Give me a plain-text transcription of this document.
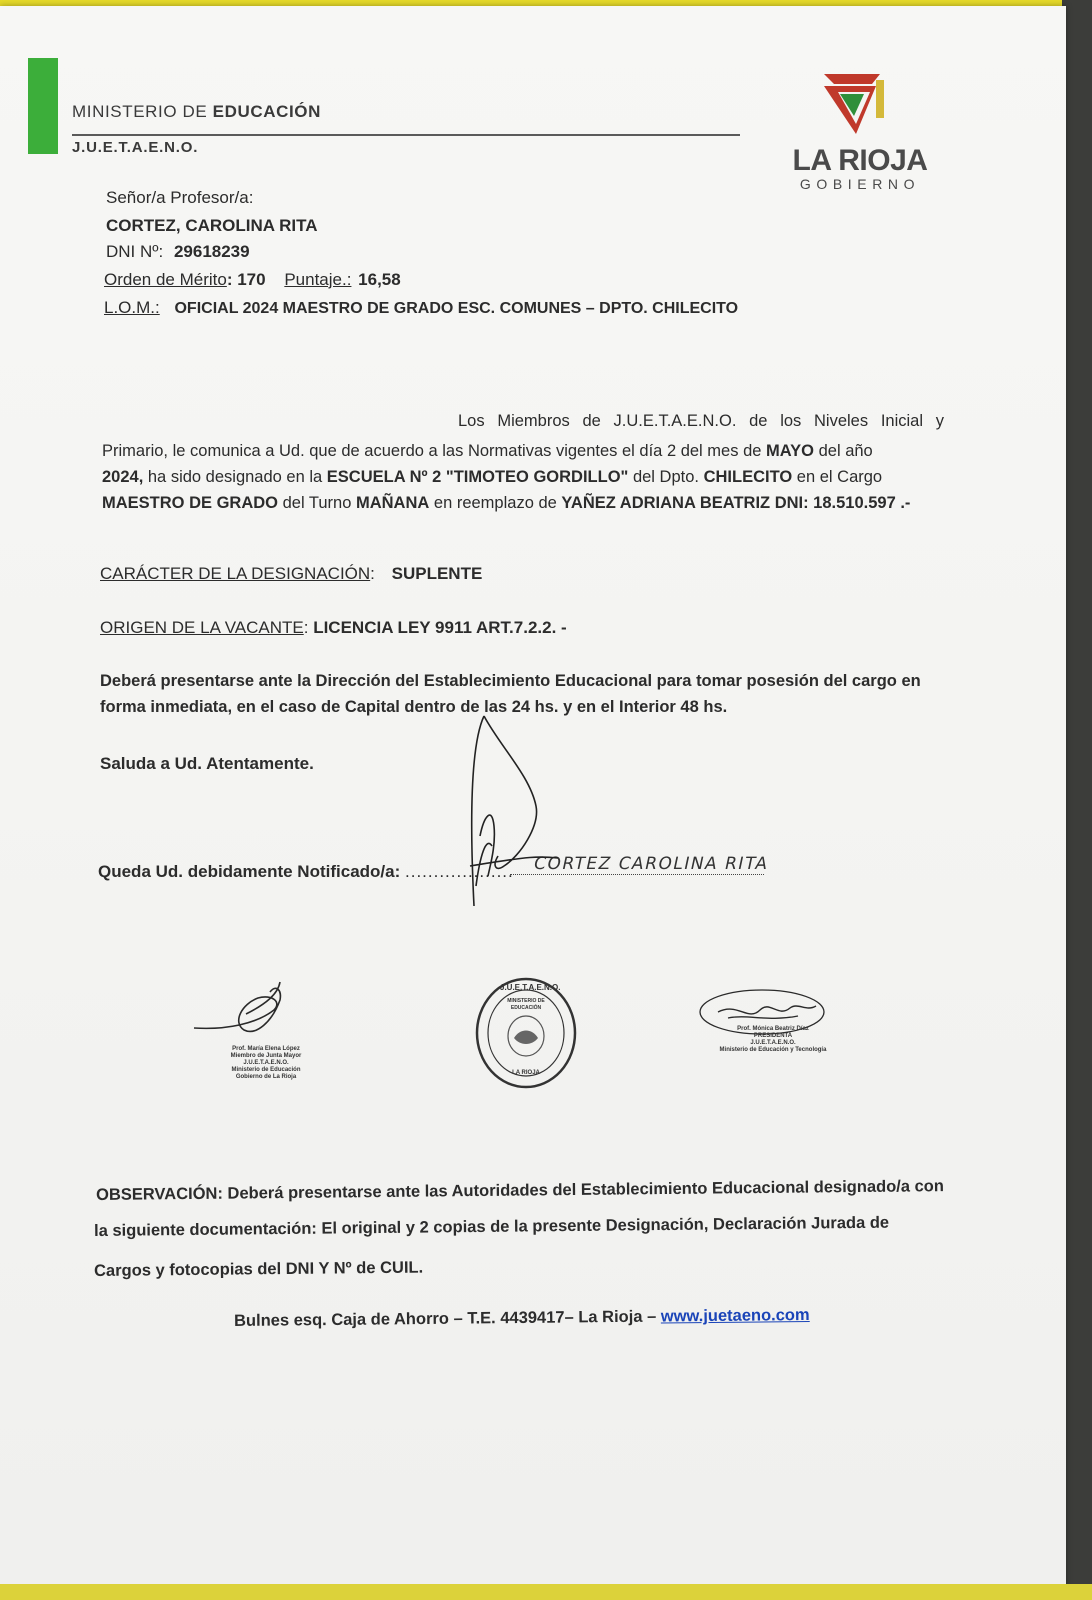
MINISTERIO DE EDUCACIÓN
J.U.E.T.A.E.N.O.	LA RIOJA
GOBIERNO
Señor/a Profesor/a:
CORTEZ, CAROLINA RITA
DNI Nº: 29618239
Orden de Mérito: 170 Puntaje.: 16,58
L.O.M.: OFICIAL 2024 MAESTRO DE GRADO ESC. COMUNES – DPTO. CHILECITO
Los Miembros de J.U.E.T.A.E.N.O. de los Niveles Inicial y
Primario, le comunica a Ud. que de acuerdo a las Normativas vigentes el día 2 del mes de MAYO del año
2024, ha sido designado en la ESCUELA Nº 2 "TIMOTEO GORDILLO" del Dpto. CHILECITO en el Cargo
MAESTRO DE GRADO del Turno MAÑANA en reemplazo de YAÑEZ ADRIANA BEATRIZ DNI: 18.510.597 .-
CARÁCTER DE LA DESIGNACIÓN: SUPLENTE
ORIGEN DE LA VACANTE: LICENCIA LEY 9911 ART.7.2.2. -
Deberá presentarse ante la Dirección del Establecimiento Educacional para tomar posesión del cargo en
forma inmediata, en el caso de Capital dentro de las 24 hs. y en el Interior 48 hs.
Saluda a Ud. Atentamente.
Queda Ud. debidamente Notificado/a: ................... CORTEZ CAROLINA RITA
Prof. María Elena López
Miembro de Junta Mayor
J.U.E.T.A.E.N.O.
Ministerio de Educación
Gobierno de La Rioja
J.U.E.T.A.E.N.O.
MINISTERIO DE EDUCACIÓN
LA RIOJA
Prof. Mónica Beatriz Díaz
PRESIDENTA
J.U.E.T.A.E.N.O.
Ministerio de Educación y Tecnología
OBSERVACIÓN: Deberá presentarse ante las Autoridades del Establecimiento Educacional designado/a con
la siguiente documentación: El original y 2 copias de la presente Designación, Declaración Jurada de
Cargos y fotocopias del DNI Y Nº de CUIL.
Bulnes esq. Caja de Ahorro – T.E. 4439417– La Rioja – www.juetaeno.com
